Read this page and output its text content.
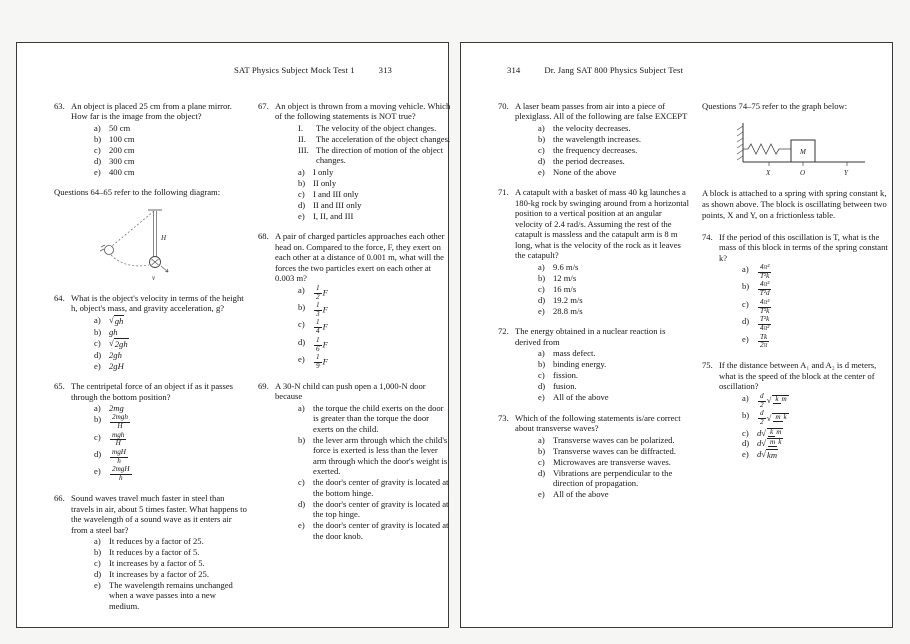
SAT Physics Subject Mock Test 1	313
63. An object is placed 25 cm from a plane mirror. How far is the image from the object?
a) 50 cm
b) 100 cm
c) 200 cm
d) 300 cm
e) 400 cm
Questions 64–65 refer to the following diagram:
H
v
64. What is the object's velocity in terms of the height h, object's mass, and gravity acceleration, g?
a) √ gh
b) gh
c) √ 2gh
d) 2gh
e) 2gH
65. The centripetal force of an object if as it passes through the bottom position?
a) 2mg
b)	$\frac{\text{2mgh}}{H}$
c)	$\frac{\text{mgh}}{H}$
d)	$\frac{\text{mgH}}{h}$
e)	$\frac{\text{2mgH}}{h}$
66. Sound waves travel much faster in steel than travels in air, about 5 times faster. What happens to the wavelength of a sound wave as it enters air from a steel bar?
a) It reduces by a factor of 25.
b) It reduces by a factor of 5.
c) It increases by a factor of 5.
d) It increases by a factor of 25.
e) The wavelength remains unchanged when a wave passes into a new medium.
67. An object is thrown from a moving vehicle. Which of the following statements is NOT true?
I.	The velocity of the object changes.
II.	The acceleration of the object changes.
III. The direction of motion of the object changes.
a) I only
b) II only
c) I and III only
d) II and III only
e) I, II, and III
68. A pair of charged particles approaches each other head on. Compared to the force, F, they exert on each other at a distance of 0.001 m, what will the forces the two particles exert on each other at 0.003 m?
a)	$\frac{1}{2}$ F
b)	$\frac{1}{3}$ F
c)	$\frac{1}{4}$ F
d)	$\frac{1}{6}$ F
e)	$\frac{1}{9}$ F
69. A 30-N child can push open a 1,000-N door because
a) the torque the child exerts on the door is greater than the torque the door exerts on the child.
b) the lever arm through which the child's force is exerted is less than the lever arm through which the door's weight is exerted.
c) the door's center of gravity is located at the bottom hinge.
d) the door's center of gravity is located at the top hinge.
e) the door's center of gravity is located at the door knob.
314	Dr. Jang SAT 800 Physics Subject Test
70. A laser beam passes from air into a piece of plexiglass. All of the following are false EXCEPT
a) the velocity decreases.
b) the wavelength increases.
c) the frequency decreases.
d) the period decreases.
e) None of the above
71. A catapult with a basket of mass 40 kg launches a 180-kg rock by swinging around from a horizontal position to a vertical position at an angular velocity of 2.4 rad/s. Assuming the rest of the catapult is massless and the catapult arm is 8 m long, what is the velocity of the rock as it leaves the catapult?
a) 9.6 m/s
b) 12 m/s
c) 16 m/s
d) 19.2 m/s
e) 28.8 m/s
72. The energy obtained in a nuclear reaction is derived from
a) mass defect.
b) binding energy.
c) fission.
d) fusion.
e) All of the above
73. Which of the following statements is/are correct about transverse waves?
a) Transverse waves can be polarized.
b) Transverse waves can be diffracted.
c) Microwaves are transverse waves.
d) Vibrations are perpendicular to the direction of propagation.
e) All of the above
Questions 74–75 refer to the graph below:
M
X	O	Y
A block is attached to a spring with spring constant k, as shown above. The block is oscillating between two points, X and Y, on a frictionless table.
74. If the period of this oscillation is T, what is the mass of this block in terms of the spring constant k?
a)	$\frac{\text{4π²}}{\text{T²k}}$
b)	$\frac{\text{4π²}}{\text{T²d}}$
c)	$\frac{\text{4π²}}{\text{T²k}}$
d)	$\frac{\text{T²k}}{\text{4π²}}$
e)	$\frac{Tk}{2\pi}$
75. If the distance between A₁ and A₂ is d meters, what is the speed of the block at the center of oscillation?
a)	$\frac{d}{2}$ √ k m
b)	$\frac{d}{2}$ √ m k
c) d √ k m
d) d √ m k
e) d √ km
